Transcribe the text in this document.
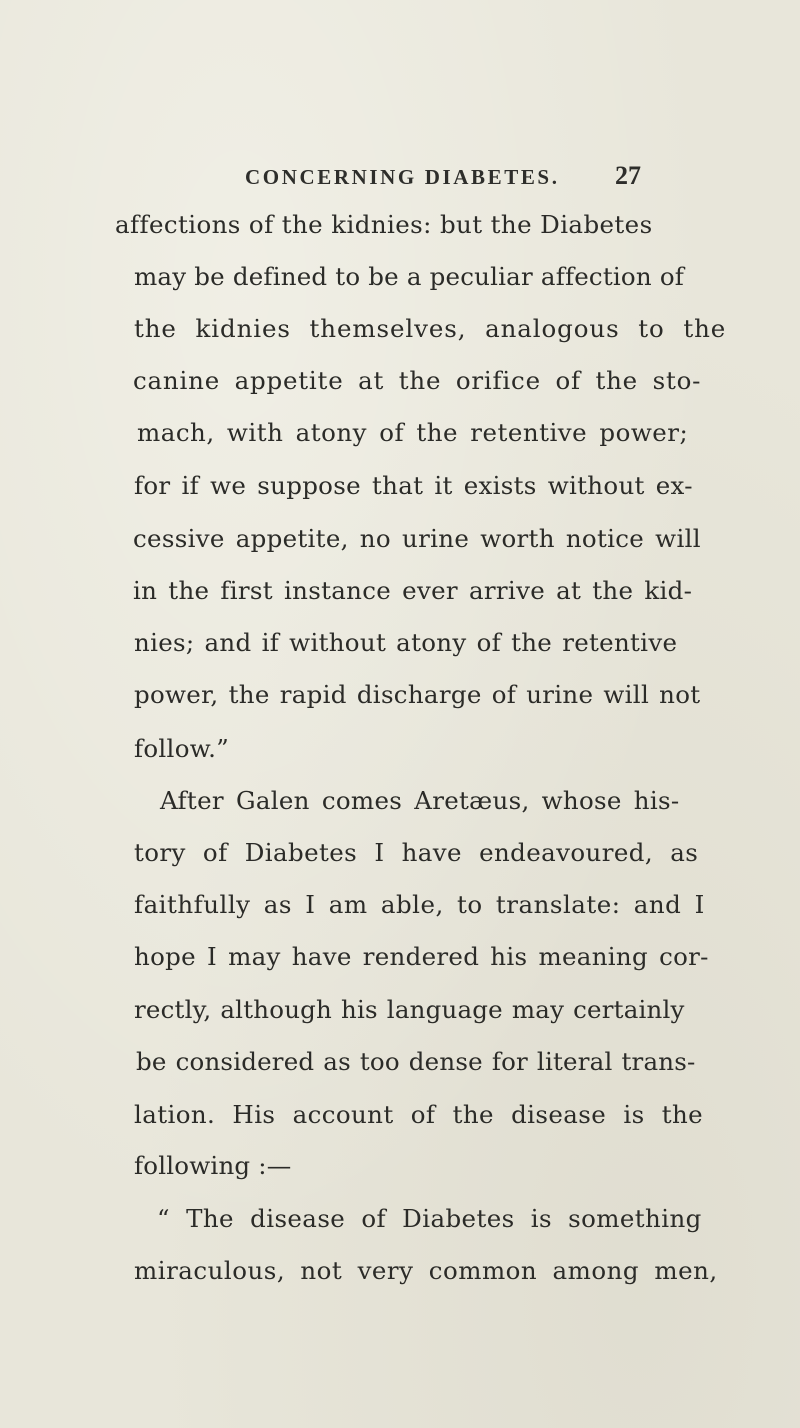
CONCERNING DIABETES. 27
affections of the kidnies: but the Diabetes
may be defined to be a peculiar affection of
the kidnies themselves, analogous to the
canine appetite at the orifice of the sto-
mach, with atony of the retentive power;
for if we suppose that it exists without ex-
cessive appetite, no urine worth notice will
in the first instance ever arrive at the kid-
nies; and if without atony of the retentive
power, the rapid discharge of urine will not
follow.”
After Galen comes Aretæus, whose his-
tory of Diabetes I have endeavoured, as
faithfully as I am able, to translate: and I
hope I may have rendered his meaning cor-
rectly, although his language may certainly
be considered as too dense for literal trans-
lation. His account of the disease is the
following :—
“ The disease of Diabetes is something
miraculous, not very common among men,
